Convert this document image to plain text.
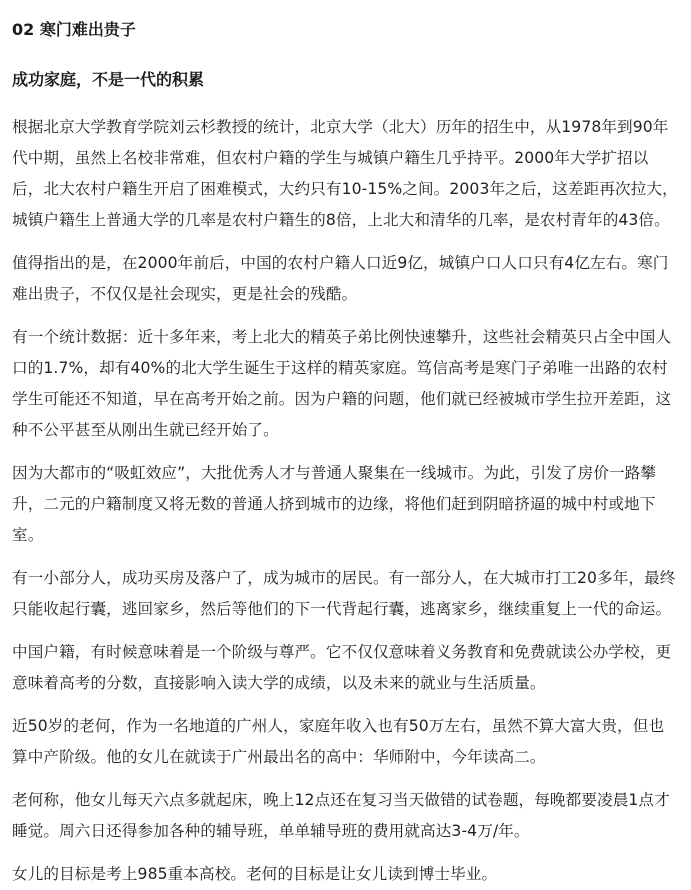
02 寒门难出贵子
成功家庭，不是一代的积累

根据北京大学教育学院刘云杉教授的统计，北京大学（北大）历年的招生中，从1978年到90年代中期，虽然上名校非常难，但农村户籍的学生与城镇户籍生几乎持平。2000年大学扩招以后，北大农村户籍生开启了困难模式，大约只有10-15%之间。2003年之后，这差距再次拉大，城镇户籍生上普通大学的几率是农村户籍生的8倍，上北大和清华的几率，是农村青年的43倍。

值得指出的是，在2000年前后，中国的农村户籍人口近9亿，城镇户口人口只有4亿左右。寒门难出贵子，不仅仅是社会现实，更是社会的残酷。

有一个统计数据：近十多年来，考上北大的精英子弟比例快速攀升，这些社会精英只占全中国人口的1.7%，却有40%的北大学生诞生于这样的精英家庭。笃信高考是寒门子弟唯一出路的农村学生可能还不知道，早在高考开始之前。因为户籍的问题，他们就已经被城市学生拉开差距，这种不公平甚至从刚出生就已经开始了。

因为大都市的“吸虹效应”，大批优秀人才与普通人聚集在一线城市。为此，引发了房价一路攀升，二元的户籍制度又将无数的普通人挤到城市的边缘，将他们赶到阴暗挤逼的城中村或地下室。

有一小部分人，成功买房及落户了，成为城市的居民。有一部分人，在大城市打工20多年，最终只能收起行囊，逃回家乡，然后等他们的下一代背起行囊，逃离家乡，继续重复上一代的命运。

中国户籍，有时候意味着是一个阶级与尊严。它不仅仅意味着义务教育和免费就读公办学校，更意味着高考的分数，直接影响入读大学的成绩，以及未来的就业与生活质量。

近50岁的老何，作为一名地道的广州人，家庭年收入也有50万左右，虽然不算大富大贵，但也算中产阶级。他的女儿在就读于广州最出名的高中：华师附中，今年读高二。

老何称，他女儿每天六点多就起床，晚上12点还在复习当天做错的试卷题，每晚都要凌晨1点才睡觉。周六日还得参加各种的辅导班，单单辅导班的费用就高达3-4万/年。

女儿的目标是考上985重本高校。老何的目标是让女儿读到博士毕业。
